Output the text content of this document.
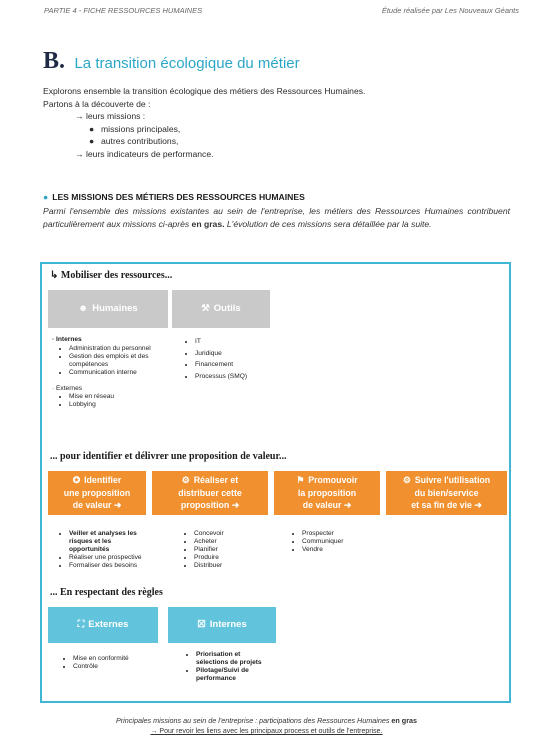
PARTIE 4 - FICHE RESSOURCES HUMAINES	Étude réalisée par Les Nouveaux Géants
B. La transition écologique du métier
Explorons ensemble la transition écologique des métiers des Ressources Humaines.
Partons à la découverte de :
→ leurs missions :
● missions principales,
● autres contributions,
→ leurs indicateurs de performance.
● LES MISSIONS DES MÉTIERS DES RESSOURCES HUMAINES
Parmi l'ensemble des missions existantes au sein de l'entreprise, les métiers des Ressources Humaines contribuent particulièrement aux missions ci-après en gras. L'évolution de ces missions sera détaillée par la suite.
↳ Mobiliser des ressources...
☻ Humaines	⚒ Outils
· Internes
• Administration du personnel
• Gestion des emplois et des compétences
• Communication interne
· Externes
• Mise en réseau
• Lobbying
• IT
• Juridique
• Financement
• Processus (SMQ)
... pour identifier et délivrer une proposition de valeur...
✪ Identifier
une proposition
de valeur ➜
⚙ Réaliser et
distribuer cette
proposition ➜
⚑ Promouvoir
la proposition
de valeur ➜
⚙ Suivre l'utilisation
du bien/service
et sa fin de vie ➜
• Veiller et analyses les risques et les opportunités
• Réaliser une prospective
• Formaliser des besoins
• Concevoir
• Acheter
• Planifier
• Produire
• Distribuer
• Prospecter
• Communiquer
• Vendre
... En respectant des règles
⛶ Externes	☒ Internes
• Mise en conformité
• Contrôle
• Priorisation et sélections de projets
• Pilotage/Suivi de performance
Principales missions au sein de l'entreprise : participations des Ressources Humaines en gras
→ Pour revoir les liens avec les principaux process et outils de l'entreprise.
